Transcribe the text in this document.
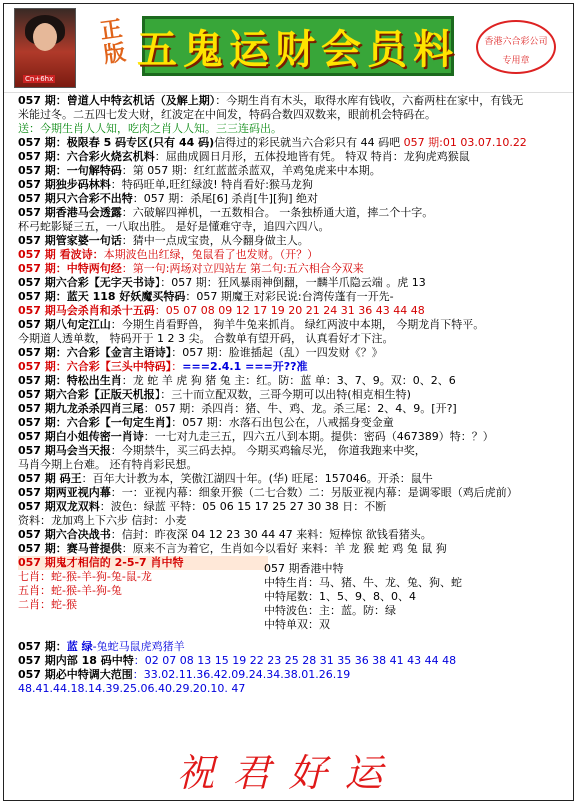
Cn+6hx
正版 五鬼运财会员料	香港六合彩公司
专用章
057 期：曾道人中特玄机话（及解上期）：今期生肖有木头，取得水库有钱收，六畜两柱在家中，有钱无
米能过冬。二五四七发大财，红波定在中间发，特码合数四双数来，眼前机会特码在。
送：今期生肖人人知，吃肉之肖人人知。三三连码出。
057 期：极限春 5 码专区(只有 44 码)信得过的彩民就当六合彩只有 44 码吧 057 期:01 03.07.10.22
057 期：六合彩火烧玄机料：屈曲成圆日月形，五体投地皆有凭。 特双 特肖：龙狗虎鸡猴鼠
057 期：一句解特码：第 057 期：红红蓝蓝杀蓝双，羊鸡兔虎来中本期。
057 期独步码林料：特码旺单,旺红绿波! 特肖看好:猴马龙狗
057 期只六合彩不出特：057 期：杀尾[6] 杀肖[牛][狗] 绝对
057 期香港马会透露：六破解四禅机，一五数相合。 一条独桥通大道，摔二个十字。
杯弓蛇影疑三五，一八取出胜。 是好是懂难守寺，追四六四八。
057 期管家婆一句话：猜中一点成宝贵，从今翻身做主人。
057 期 看波诗：本期波色出红绿，兔鼠看了也发财。（开？）
057 期：中特两句经：第一句:两场对立四站左 第二句:五六相合今双来
057 期六合彩【无字天书诗】：057 期：狂风暴雨神倒翻，一麟半爪隐云端 。虎 13
057 期：蓝天 118 好妖魔买特码：057 期魔王对彩民说:台湾传蓬有一开先-
057 期马会杀肖和杀十五码：05 07 08 09 12 17 19 20 21 24 31 36 43 44 48
057 期八句定江山：今期生肖看野兽， 狗羊牛兔来抓肖。 绿红两波中本期， 今期龙肖下特平。
今期道人透单数， 特码开于 1 2 3 尖。 合数单有望开码， 认真看好才下注。
057 期：六合彩【金言主语诗】：057 期：脸谁插起（乱）一四发财《？》
057 期：六合彩【三头中特码】：===2.4.1 ===开??准
057 期：特松出生肖：龙 蛇 羊 虎 狗 猪 兔 主：红。防：蓝 单：3、7、9。双：0、2、6
057 期六合彩【正版天机报】：三十而立配双数，三哥今期可以出特(相克相生特)
057 期九龙杀杀四肖三尾：057 期：杀四肖：猪、牛、鸡、龙。杀三尾：2、4、9。[开?]
057 期：六合彩【一句定生肖】：057 期：水落石出包公在，八戒摇身变金童
057 期白小姐传密一肖诗：一七对九走三五，四六五八到本期。提供：密码（467389）特：？）
057 期马会当天报：今期禁牛，买三码去掉。 今期买鸡输尽光， 你道我跑来中奖，
马肖今期上台难。 还有特肖彩民想。
057 期 码王：百年大计教为本，笑傲江湖四十年。(华) 旺尾：157046。开杀：鼠牛
057 期两亚视内幕：一：亚视内幕：细象开猴（二七合数）二：另版亚视内幕：是调零眼（鸡后虎前）
057 期双龙双料：波色：绿蓝 平特：05 06 15 17 25 27 30 38 日：不断
资料：龙加鸡上下六步 信封：小麦
057 期六合决战书：信封：昨夜深 04 12 23 30 44 47 来料：短棒惊 欲钱看猪头。
057 期：赛马普提供：原来不言为着它，生肖如今以看好 来料：羊 龙 猴 蛇 鸡 兔 鼠 狗
057 期鬼才相信的 2-5-7 肖中特
七肖：蛇-猴-羊-狗-兔-鼠-龙
五肖：蛇-猴-羊-狗-兔
二肖：蛇-猴
057 期香港中特
中特生肖：马、猪、牛、龙、兔、狗、蛇
中特尾数：1、5、9、8、0、4
中特波色：主：蓝。防：绿
中特单双：双
057 期：蓝 绿-兔蛇马鼠虎鸡猪羊
057 期内部 18 码中特：02 07 08 13 15 19 22 23 25 28 31 35 36 38 41 43 44 48
057 期必中特调大范围：33.02.11.36.42.09.24.34.38.01.26.19
48.41.44.18.14.39.25.06.40.29.20.10. 47
祝君好运
